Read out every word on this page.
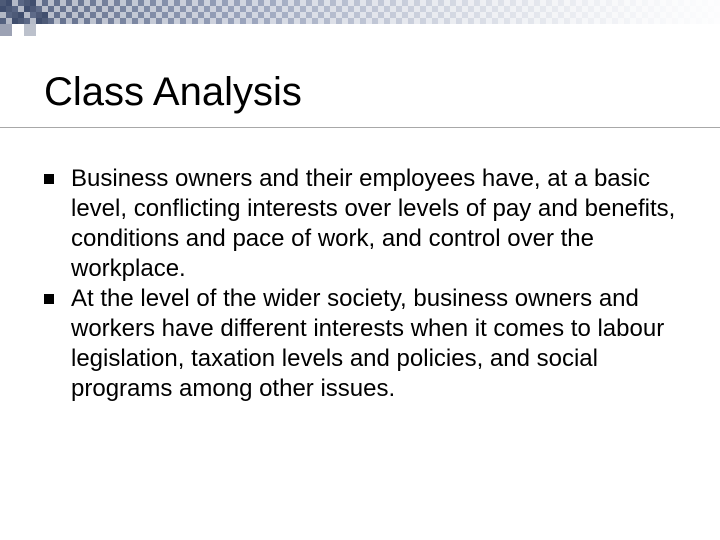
Class Analysis
Business owners and their employees have, at a basic level, conflicting interests over levels of pay and benefits, conditions and pace of work, and control over the workplace.
At the level of the wider society, business owners and workers have different interests when it comes to labour legislation, taxation levels and policies, and social programs among other issues.
